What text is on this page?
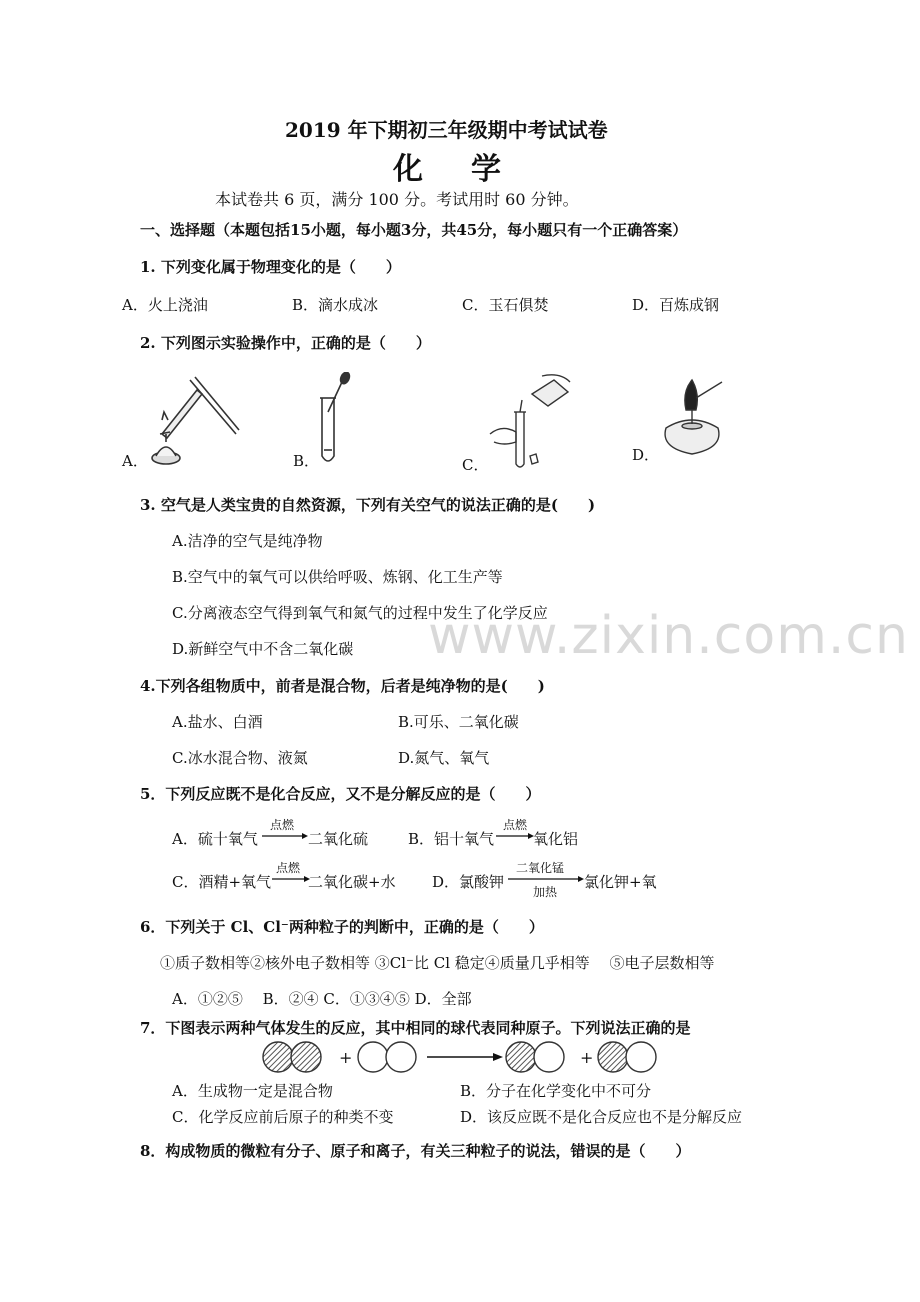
www.zixin.com.cn
2019 年下期初三年级期中考试试卷
化学
本试卷共 6 页，满分 100 分。考试用时 60 分钟。
一、选择题（本题包括15小题，每小题3分，共45分，每小题只有一个正确答案）
1. 下列变化属于物理变化的是（　　）
A．火上浇油	B．滴水成冰	C．玉石俱焚	D．百炼成钢
2. 下列图示实验操作中，正确的是（　　）
A．	B．	C．
D．
3. 空气是人类宝贵的自然资源，下列有关空气的说法正确的是(　　)
A.洁净的空气是纯净物
B.空气中的氧气可以供给呼吸、炼钢、化工生产等
C.分离液态空气得到氧气和氮气的过程中发生了化学反应
D.新鲜空气中不含二氧化碳
4.下列各组物质中，前者是混合物，后者是纯净物的是(　　)
A.盐水、白酒	B.可乐、二氧化碳
C.冰水混合物、液氮	D.氮气、氧气
5．下列反应既不是化合反应，又不是分解反应的是（　　）
A．硫十氧气
点燃
二氧化硫	B．铝十氧气
点燃
氧化铝
C．酒精+氧气
点燃
二氧化碳+水 D．氯酸钾
二氧化锰
加热
氯化钾+氧
6．下列关于 Cl、Cl⁻两种粒子的判断中，正确的是（　　）
①质子数相等②核外电子数相等 ③Cl⁻比 Cl 稳定④质量几乎相等　 ⑤电子层数相等
A．①②⑤　 B．②④ C．①③④⑤ D．全部
7．下图表示两种气体发生的反应，其中相同的球代表同种原子。下列说法正确的是
+	+
A．生成物一定是混合物	B．分子在化学变化中不可分
C．化学反应前后原子的种类不变	D．该反应既不是化合反应也不是分解反应
8．构成物质的微粒有分子、原子和离子，有关三种粒子的说法，错误的是（　　）
